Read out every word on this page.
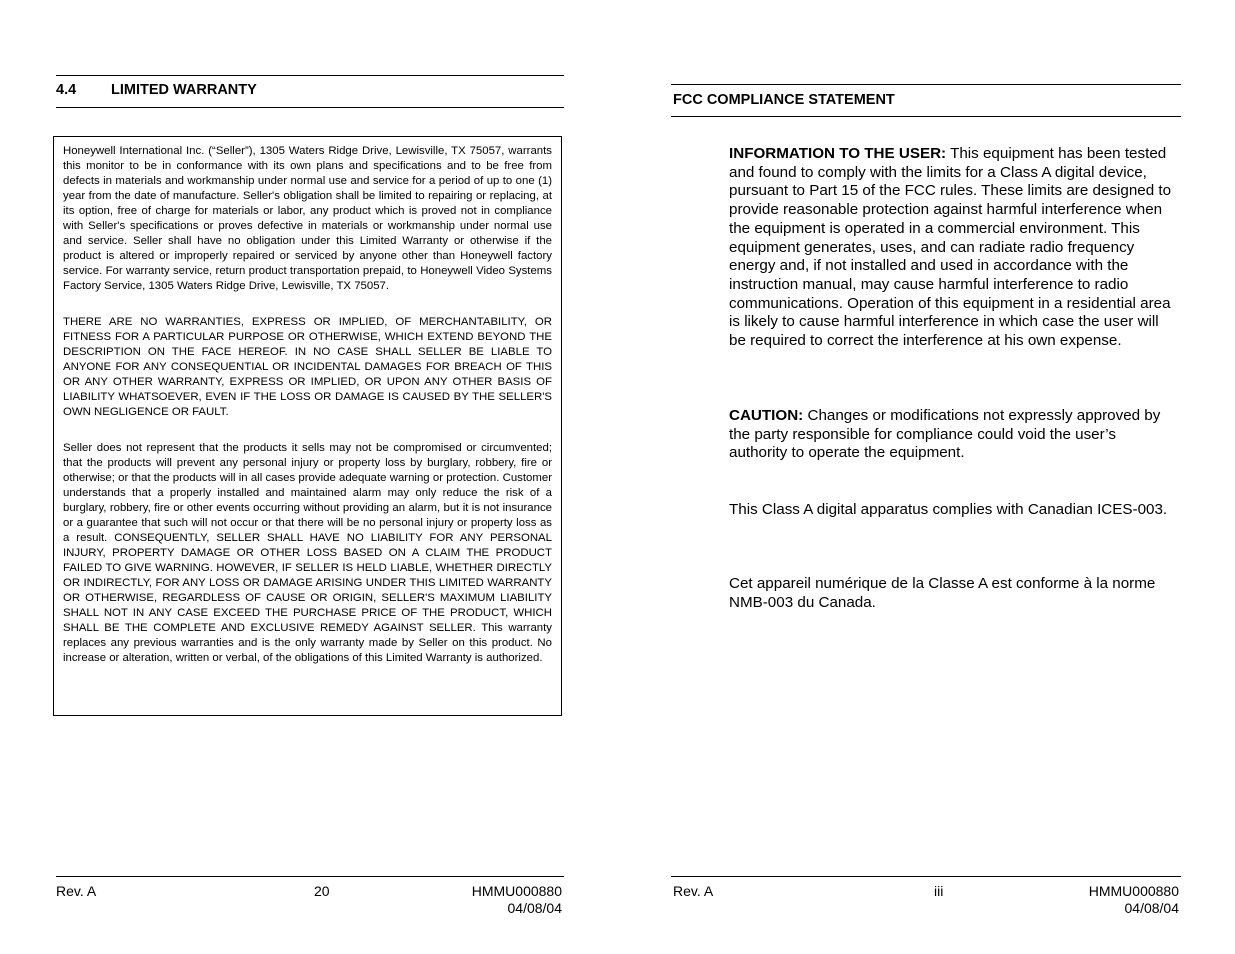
4.4 LIMITED WARRANTY

Honeywell International Inc. (“Seller”), 1305 Waters Ridge Drive, Lewisville, TX 75057, warrants this monitor to be in conformance with its own plans and specifications and to be free from defects in materials and workmanship under normal use and service for a period of up to one (1) year from the date of manufacture. Seller's obligation shall be limited to repairing or replacing, at its option, free of charge for materials or labor, any product which is proved not in compliance with Seller's specifications or proves defective in materials or workmanship under normal use and service. Seller shall have no obligation under this Limited Warranty or otherwise if the product is altered or improperly repaired or serviced by anyone other than Honeywell factory service. For warranty service, return product transportation prepaid, to Honeywell Video Systems Factory Service, 1305 Waters Ridge Drive, Lewisville, TX 75057.

THERE ARE NO WARRANTIES, EXPRESS OR IMPLIED, OF MERCHANTABILITY, OR FITNESS FOR A PARTICULAR PURPOSE OR OTHERWISE, WHICH EXTEND BEYOND THE DESCRIPTION ON THE FACE HEREOF. IN NO CASE SHALL SELLER BE LIABLE TO ANYONE FOR ANY CONSEQUENTIAL OR INCIDENTAL DAMAGES FOR BREACH OF THIS OR ANY OTHER WARRANTY, EXPRESS OR IMPLIED, OR UPON ANY OTHER BASIS OF LIABILITY WHATSOEVER, EVEN IF THE LOSS OR DAMAGE IS CAUSED BY THE SELLER'S OWN NEGLIGENCE OR FAULT.

Seller does not represent that the products it sells may not be compromised or circumvented; that the products will prevent any personal injury or property loss by burglary, robbery, fire or otherwise; or that the products will in all cases provide adequate warning or protection. Customer understands that a properly installed and maintained alarm may only reduce the risk of a burglary, robbery, fire or other events occurring without providing an alarm, but it is not insurance or a guarantee that such will not occur or that there will be no personal injury or property loss as a result. CONSEQUENTLY, SELLER SHALL HAVE NO LIABILITY FOR ANY PERSONAL INJURY, PROPERTY DAMAGE OR OTHER LOSS BASED ON A CLAIM THE PRODUCT FAILED TO GIVE WARNING. HOWEVER, IF SELLER IS HELD LIABLE, WHETHER DIRECTLY OR INDIRECTLY, FOR ANY LOSS OR DAMAGE ARISING UNDER THIS LIMITED WARRANTY OR OTHERWISE, REGARDLESS OF CAUSE OR ORIGIN, SELLER'S MAXIMUM LIABILITY SHALL NOT IN ANY CASE EXCEED THE PURCHASE PRICE OF THE PRODUCT, WHICH SHALL BE THE COMPLETE AND EXCLUSIVE REMEDY AGAINST SELLER. This warranty replaces any previous warranties and is the only warranty made by Seller on this product. No increase or alteration, written or verbal, of the obligations of this Limited Warranty is authorized.

Rev. A	20	HMMU000880
04/08/04
FCC COMPLIANCE STATEMENT

INFORMATION TO THE USER: This equipment has been tested and found to comply with the limits for a Class A digital device, pursuant to Part 15 of the FCC rules. These limits are designed to provide reasonable protection against harmful interference when the equipment is operated in a commercial environment. This equipment generates, uses, and can radiate radio frequency energy and, if not installed and used in accordance with the instruction manual, may cause harmful interference to radio communications. Operation of this equipment in a residential area is likely to cause harmful interference in which case the user will be required to correct the interference at his own expense.

CAUTION: Changes or modifications not expressly approved by the party responsible for compliance could void the user’s authority to operate the equipment.

This Class A digital apparatus complies with Canadian ICES-003.

Cet appareil numérique de la Classe A est conforme à la norme NMB-003 du Canada.

Rev. A	iii	HMMU000880
04/08/04
